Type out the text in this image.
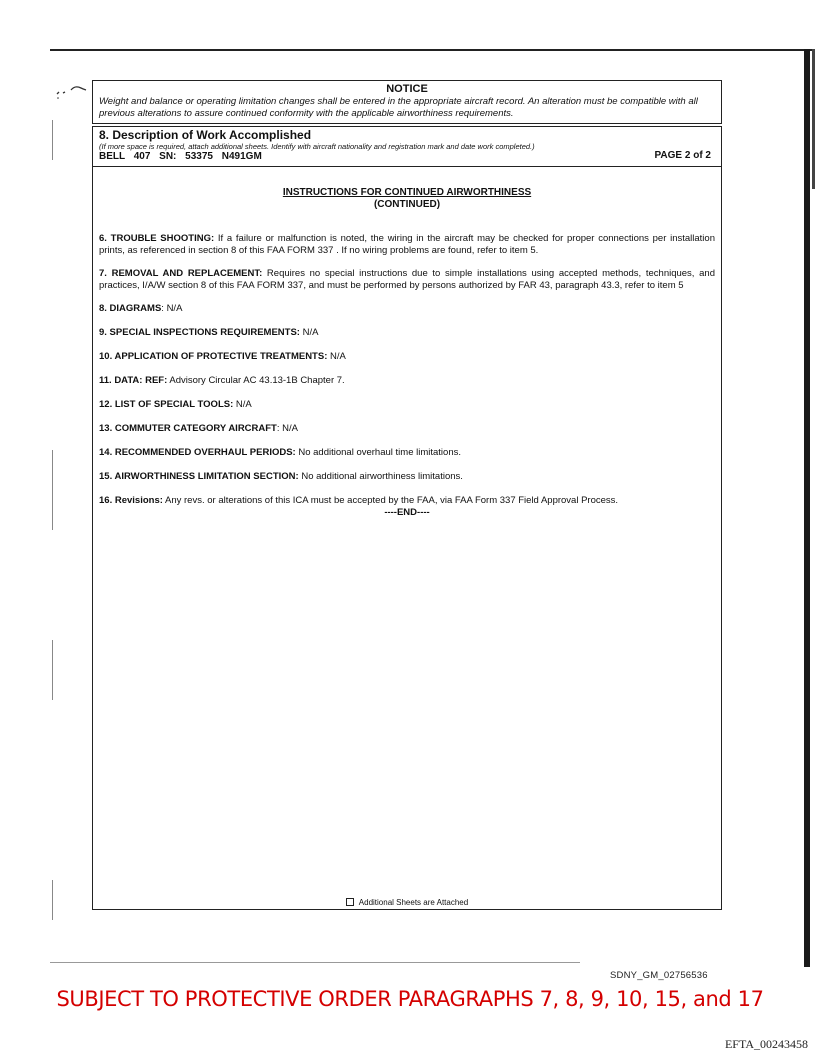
NOTICE
Weight and balance or operating limitation changes shall be entered in the appropriate aircraft record. An alteration must be compatible with all previous alterations to assure continued conformity with the applicable airworthiness requirements.
8. Description of Work Accomplished
(If more space is required, attach additional sheets. Identify with aircraft nationality and registration mark and date work completed.)
BELL 407 SN: 53375 N491GM	PAGE 2 of 2
INSTRUCTIONS FOR CONTINUED AIRWORTHINESS
(CONTINUED)
6. TROUBLE SHOOTING: If a failure or malfunction is noted, the wiring in the aircraft may be checked for proper connections per installation prints, as referenced in section 8 of this FAA FORM 337 . If no wiring problems are found, refer to item 5.
7. REMOVAL AND REPLACEMENT: Requires no special instructions due to simple installations using accepted methods, techniques, and practices, I/A/W section 8 of this FAA FORM 337, and must be performed by persons authorized by FAR 43, paragraph 43.3, refer to item 5
8. DIAGRAMS: N/A
9. SPECIAL INSPECTIONS REQUIREMENTS: N/A
10. APPLICATION OF PROTECTIVE TREATMENTS: N/A
11. DATA: REF: Advisory Circular AC 43.13-1B Chapter 7.
12. LIST OF SPECIAL TOOLS: N/A
13. COMMUTER CATEGORY AIRCRAFT: N/A
14. RECOMMENDED OVERHAUL PERIODS: No additional overhaul time limitations.
15. AIRWORTHINESS LIMITATION SECTION: No additional airworthiness limitations.
16. Revisions: Any revs. or alterations of this ICA must be accepted by the FAA, via FAA Form 337 Field Approval Process.
----END----
Additional Sheets are Attached
SDNY_GM_02756536
SUBJECT TO PROTECTIVE ORDER PARAGRAPHS 7, 8, 9, 10, 15, and 17
EFTA_00243458
